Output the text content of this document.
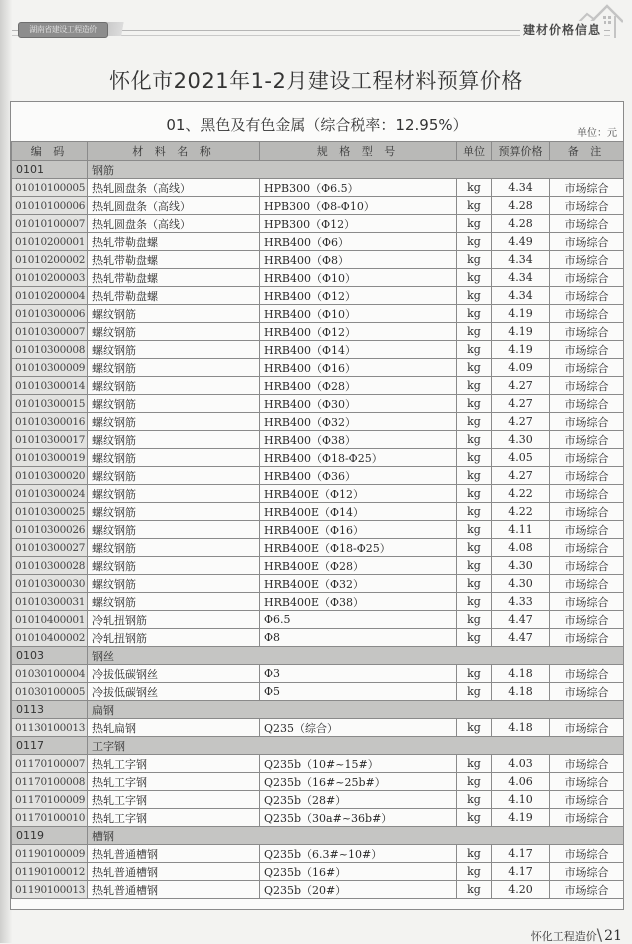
湖南省建设工程造价	建材价格信息
怀化市2021年1-2月建设工程材料预算价格
01、黑色及有色金属（综合税率：12.95%）	单位：元
编 码	材 料 名 称	规 格 型 号	单位	预算价格	备 注
0101	钢筋				
01010100005	热轧圆盘条（高线）	HPB300（Φ6.5）	kg	4.34	市场综合
01010100006	热轧圆盘条（高线）	HPB300（Φ8-Φ10）	kg	4.28	市场综合
01010100007	热轧圆盘条（高线）	HPB300（Φ12）	kg	4.28	市场综合
01010200001	热轧带勒盘螺	HRB400（Φ6）	kg	4.49	市场综合
01010200002	热轧带勒盘螺	HRB400（Φ8）	kg	4.34	市场综合
01010200003	热轧带勒盘螺	HRB400（Φ10）	kg	4.34	市场综合
01010200004	热轧带勒盘螺	HRB400（Φ12）	kg	4.34	市场综合
01010300006	螺纹钢筋	HRB400（Φ10）	kg	4.19	市场综合
01010300007	螺纹钢筋	HRB400（Φ12）	kg	4.19	市场综合
01010300008	螺纹钢筋	HRB400（Φ14）	kg	4.19	市场综合
01010300009	螺纹钢筋	HRB400（Φ16）	kg	4.09	市场综合
01010300014	螺纹钢筋	HRB400（Φ28）	kg	4.27	市场综合
01010300015	螺纹钢筋	HRB400（Φ30）	kg	4.27	市场综合
01010300016	螺纹钢筋	HRB400（Φ32）	kg	4.27	市场综合
01010300017	螺纹钢筋	HRB400（Φ38）	kg	4.30	市场综合
01010300019	螺纹钢筋	HRB400（Φ18-Φ25）	kg	4.05	市场综合
01010300020	螺纹钢筋	HRB400（Φ36）	kg	4.27	市场综合
01010300024	螺纹钢筋	HRB400E（Φ12）	kg	4.22	市场综合
01010300025	螺纹钢筋	HRB400E（Φ14）	kg	4.22	市场综合
01010300026	螺纹钢筋	HRB400E（Φ16）	kg	4.11	市场综合
01010300027	螺纹钢筋	HRB400E（Φ18-Φ25）	kg	4.08	市场综合
01010300028	螺纹钢筋	HRB400E（Φ28）	kg	4.30	市场综合
01010300030	螺纹钢筋	HRB400E（Φ32）	kg	4.30	市场综合
01010300031	螺纹钢筋	HRB400E（Φ38）	kg	4.33	市场综合
01010400001	冷轧扭钢筋	Φ6.5	kg	4.47	市场综合
01010400002	冷轧扭钢筋	Φ8	kg	4.47	市场综合
0103	钢丝				
01030100004	冷拔低碳钢丝	Φ3	kg	4.18	市场综合
01030100005	冷拔低碳钢丝	Φ5	kg	4.18	市场综合
0113	扁钢				
01130100013	热轧扁钢	Q235（综合）	kg	4.18	市场综合
0117	工字钢				
01170100007	热轧工字钢	Q235b（10#~15#）	kg	4.03	市场综合
01170100008	热轧工字钢	Q235b（16#~25b#）	kg	4.06	市场综合
01170100009	热轧工字钢	Q235b（28#）	kg	4.10	市场综合
01170100010	热轧工字钢	Q235b（30a#~36b#）	kg	4.19	市场综合
0119	槽钢				
01190100009	热轧普通槽钢	Q235b（6.3#~10#）	kg	4.17	市场综合
01190100012	热轧普通槽钢	Q235b（16#）	kg	4.17	市场综合
01190100013	热轧普通槽钢	Q235b（20#）	kg	4.20	市场综合
怀化工程造价\ 21
